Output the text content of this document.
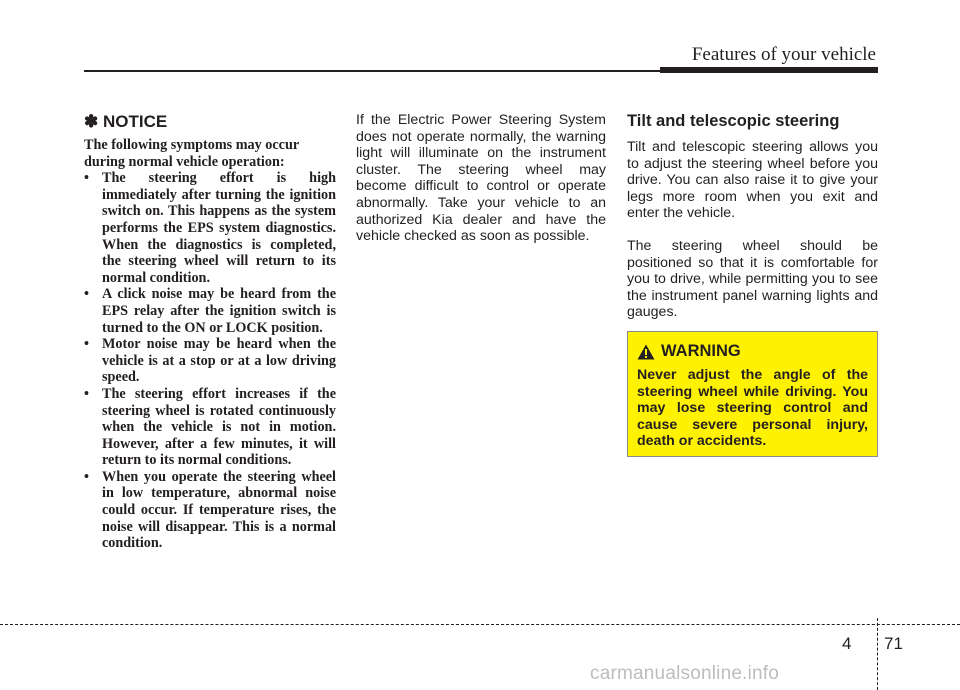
Features of your vehicle
✽ NOTICE

The following symptoms may occur during normal vehicle operation:

• The steering effort is high immediately after turning the ignition switch on. This happens as the system performs the EPS system diagnostics. When the diagnostics is completed, the steering wheel will return to its normal condition.
• A click noise may be heard from the EPS relay after the ignition switch is turned to the ON or LOCK position.
• Motor noise may be heard when the vehicle is at a stop or at a low driving speed.
• The steering effort increases if the steering wheel is rotated continuously when the vehicle is not in motion. However, after a few minutes, it will return to its normal conditions.
• When you operate the steering wheel in low temperature, abnormal noise could occur. If temperature rises, the noise will disappear. This is a normal condition.

If the Electric Power Steering System does not operate normally, the warning light will illuminate on the instrument cluster. The steering wheel may become difficult to control or operate abnormally. Take your vehicle to an authorized Kia dealer and have the vehicle checked as soon as possible.

Tilt and telescopic steering

Tilt and telescopic steering allows you to adjust the steering wheel before you drive. You can also raise it to give your legs more room when you exit and enter the vehicle.

The steering wheel should be positioned so that it is comfortable for you to drive, while permitting you to see the instrument panel warning lights and gauges.

WARNING

Never adjust the angle of the steering wheel while driving. You may lose steering control and cause severe personal injury, death or accidents.

4 71
carmanualsonline.info
